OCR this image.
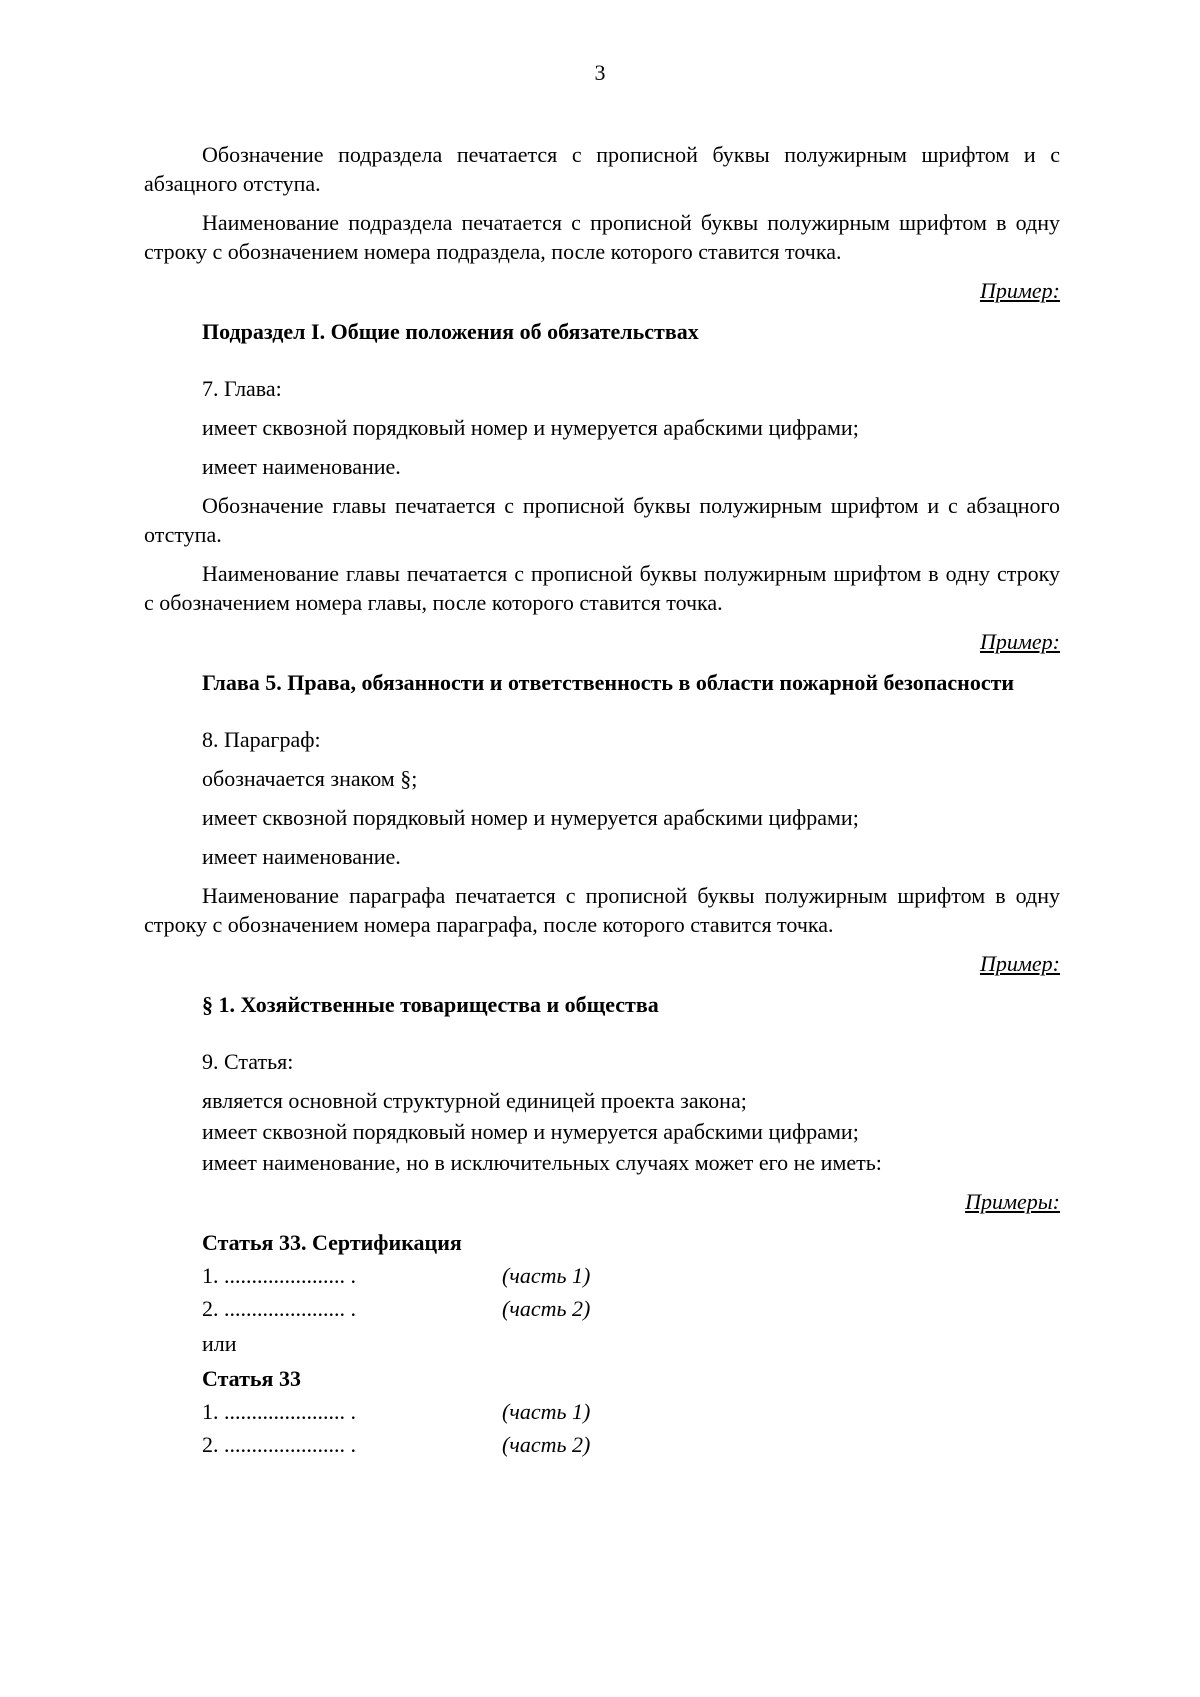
3

Обозначение подраздела печатается с прописной буквы полужирным шрифтом и с абзацного отступа.

Наименование подраздела печатается с прописной буквы полужирным шрифтом в одну строку с обозначением номера подраздела, после которого ставится точка.

Пример:

Подраздел I. Общие положения об обязательствах

7. Глава:

имеет сквозной порядковый номер и нумеруется арабскими цифрами;

имеет наименование.

Обозначение главы печатается с прописной буквы полужирным шрифтом и с абзацного отступа.

Наименование главы печатается с прописной буквы полужирным шрифтом в одну строку с обозначением номера главы, после которого ставится точка.

Пример:

Глава 5. Права, обязанности и ответственность в области пожарной безопасности

8. Параграф:

обозначается знаком §;

имеет сквозной порядковый номер и нумеруется арабскими цифрами;

имеет наименование.

Наименование параграфа печатается с прописной буквы полужирным шрифтом в одну строку с обозначением номера параграфа, после которого ставится точка.

Пример:

§ 1. Хозяйственные товарищества и общества

9. Статья:

является основной структурной единицей проекта закона;

имеет сквозной порядковый номер и нумеруется арабскими цифрами;

имеет наименование, но в исключительных случаях может его не иметь:

Примеры:

Статья 33. Сертификация

1. ...................... .	(часть 1)
2. ...................... .	(часть 2)

или

Статья 33

1. ...................... .	(часть 1)
2. ...................... .	(часть 2)
